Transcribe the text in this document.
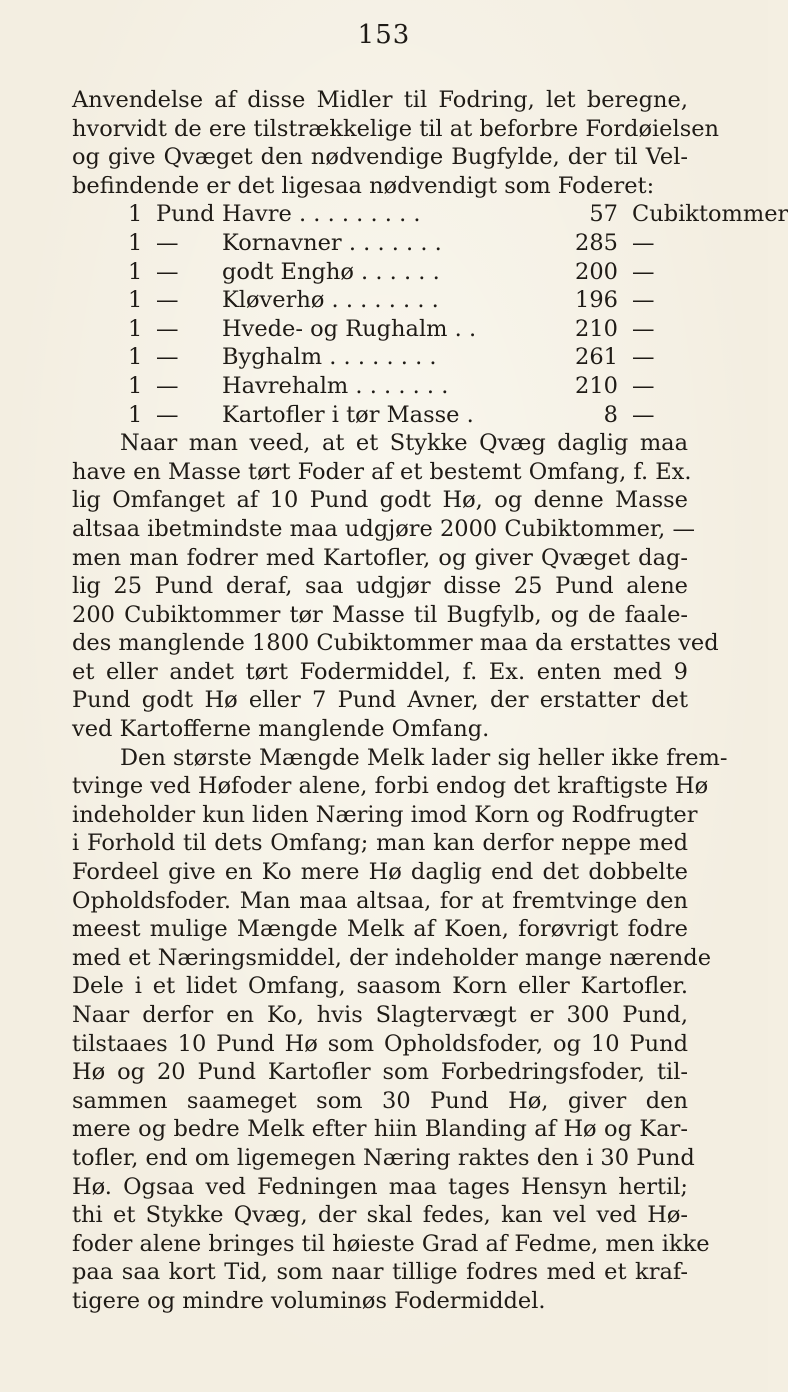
153
Anvendelse af disse Midler til Fodring, let beregne,
hvorvidt de ere tilstrækkelige til at beforbre Fordøielsen
og give Qvæget den nødvendige Bugfylde, der til Vel-
befindende er det ligesaa nødvendigt som Foderet:
1 Pund Havre . . . . . . . . .	57 Cubiktommer
1 — Kornavner . . . . . . .	285 —
1 — godt Enghø . . . . . .	200 —
1 — Kløverhø . . . . . . . .	196 —
1 — Hvede- og Rughalm . .	210 —
1 — Byghalm . . . . . . . .	261 —
1 — Havrehalm . . . . . . .	210 —
1 — Kartofler i tør Masse .	8 —
Naar man veed, at et Stykke Qvæg daglig maa
have en Masse tørt Foder af et bestemt Omfang, f. Ex.
lig Omfanget af 10 Pund godt Hø, og denne Masse
altsaa ibetmindste maa udgjøre 2000 Cubiktommer, —
men man fodrer med Kartofler, og giver Qvæget dag-
lig 25 Pund deraf, saa udgjør disse 25 Pund alene
200 Cubiktommer tør Masse til Bugfylb, og de faale-
des manglende 1800 Cubiktommer maa da erstattes ved
et eller andet tørt Fodermiddel, f. Ex. enten med 9
Pund godt Hø eller 7 Pund Avner, der erstatter det
ved Kartofferne manglende Omfang.
Den største Mængde Melk lader sig heller ikke frem-
tvinge ved Høfoder alene, forbi endog det kraftigste Hø
indeholder kun liden Næring imod Korn og Rodfrugter
i Forhold til dets Omfang; man kan derfor neppe med
Fordeel give en Ko mere Hø daglig end det dobbelte
Opholdsfoder. Man maa altsaa, for at fremtvinge den
meest mulige Mængde Melk af Koen, forøvrigt fodre
med et Næringsmiddel, der indeholder mange nærende
Dele i et lidet Omfang, saasom Korn eller Kartofler.
Naar derfor en Ko, hvis Slagtervægt er 300 Pund,
tilstaaes 10 Pund Hø som Opholdsfoder, og 10 Pund
Hø og 20 Pund Kartofler som Forbedringsfoder, til-
sammen saameget som 30 Pund Hø, giver den
mere og bedre Melk efter hiin Blanding af Hø og Kar-
tofler, end om ligemegen Næring raktes den i 30 Pund
Hø. Ogsaa ved Fedningen maa tages Hensyn hertil;
thi et Stykke Qvæg, der skal fedes, kan vel ved Hø-
foder alene bringes til høieste Grad af Fedme, men ikke
paa saa kort Tid, som naar tillige fodres med et kraf-
tigere og mindre voluminøs Fodermiddel.
